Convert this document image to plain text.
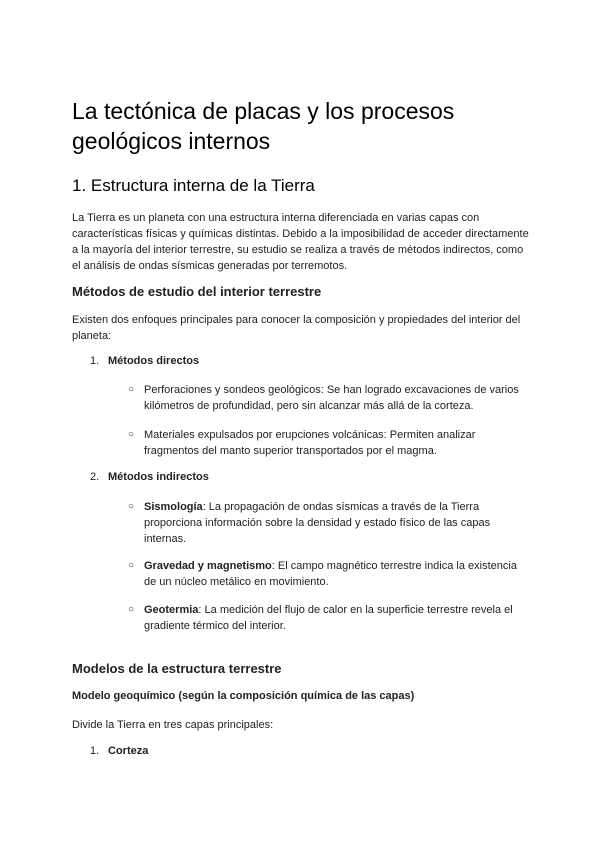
La tectónica de placas y los procesos geológicos internos
1. Estructura interna de la Tierra

La Tierra es un planeta con una estructura interna diferenciada en varias capas con características físicas y químicas distintas. Debido a la imposibilidad de acceder directamente a la mayoría del interior terrestre, su estudio se realiza a través de métodos indirectos, como el análisis de ondas sísmicas generadas por terremotos.

Métodos de estudio del interior terrestre

Existen dos enfoques principales para conocer la composición y propiedades del interior del planeta:

1. Métodos directos
○ Perforaciones y sondeos geológicos: Se han logrado excavaciones de varios kilómetros de profundidad, pero sin alcanzar más allá de la corteza.
○ Materiales expulsados por erupciones volcánicas: Permiten analizar fragmentos del manto superior transportados por el magma.
2. Métodos indirectos
○ Sismología: La propagación de ondas sísmicas a través de la Tierra proporciona información sobre la densidad y estado físico de las capas internas.
○ Gravedad y magnetismo: El campo magnético terrestre indica la existencia de un núcleo metálico en movimiento.
○ Geotermia: La medición del flujo de calor en la superficie terrestre revela el gradiente térmico del interior.
Modelos de la estructura terrestre
Modelo geoquímico (según la composición química de las capas)

Divide la Tierra en tres capas principales:

1. Corteza
